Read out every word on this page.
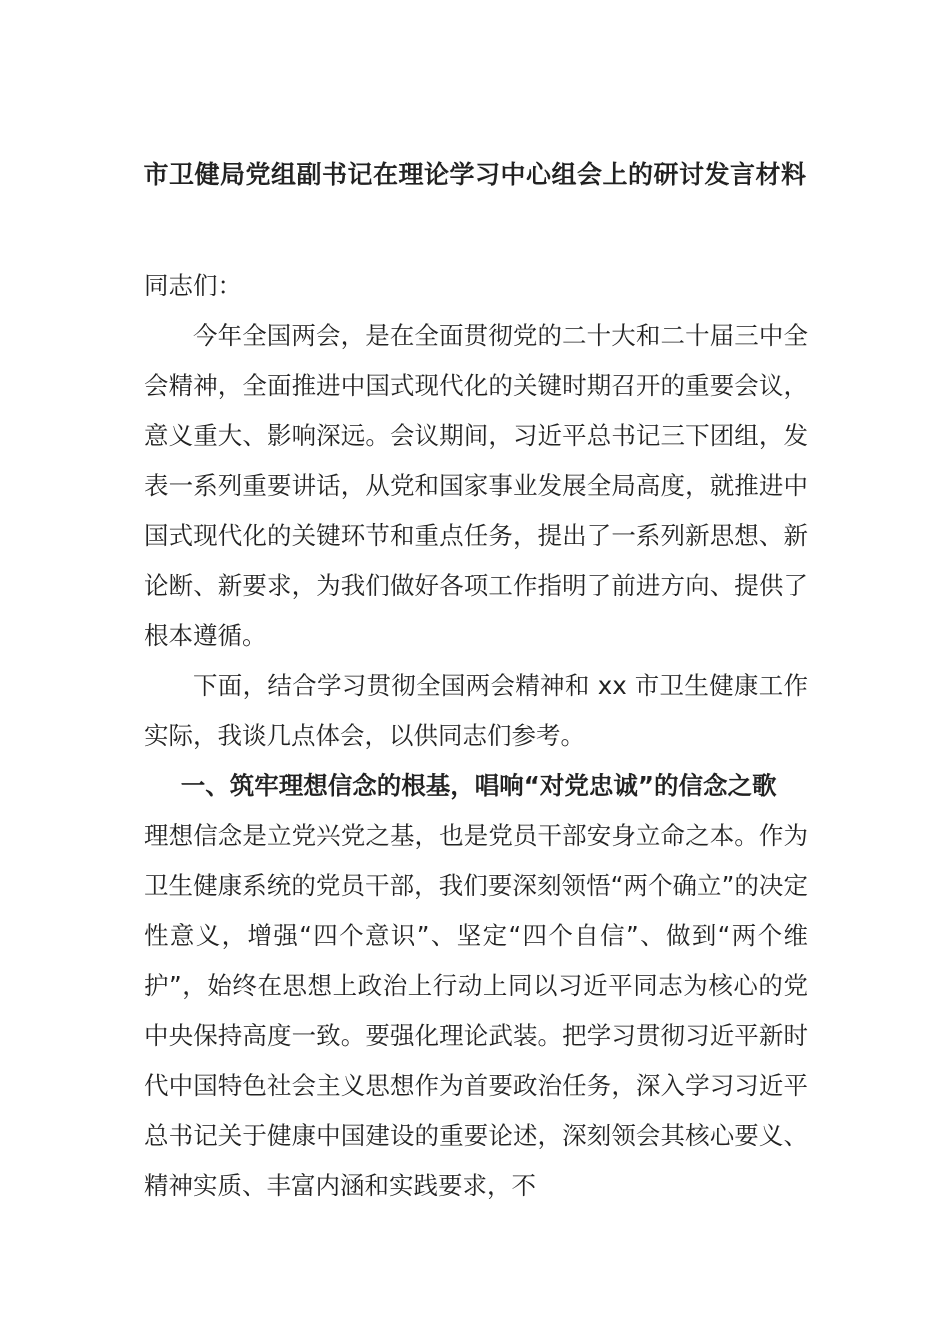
市卫健局党组副书记在理论学习中心组会上的研讨发言材料

同志们：

今年全国两会，是在全面贯彻党的二十大和二十届三中全会精神，全面推进中国式现代化的关键时期召开的重要会议，意义重大、影响深远。会议期间，习近平总书记三下团组，发表一系列重要讲话，从党和国家事业发展全局高度，就推进中国式现代化的关键环节和重点任务，提出了一系列新思想、新论断、新要求，为我们做好各项工作指明了前进方向、提供了根本遵循。

下面，结合学习贯彻全国两会精神和 xx 市卫生健康工作实际，我谈几点体会，以供同志们参考。

一、筑牢理想信念的根基，唱响“对党忠诚”的信念之歌

理想信念是立党兴党之基，也是党员干部安身立命之本。作为卫生健康系统的党员干部，我们要深刻领悟“两个确立”的决定性意义，增强“四个意识”、坚定“四个自信”、做到“两个维护”，始终在思想上政治上行动上同以习近平同志为核心的党中央保持高度一致。要强化理论武装。把学习贯彻习近平新时代中国特色社会主义思想作为首要政治任务，深入学习习近平总书记关于健康中国建设的重要论述，深刻领会其核心要义、精神实质、丰富内涵和实践要求，不
